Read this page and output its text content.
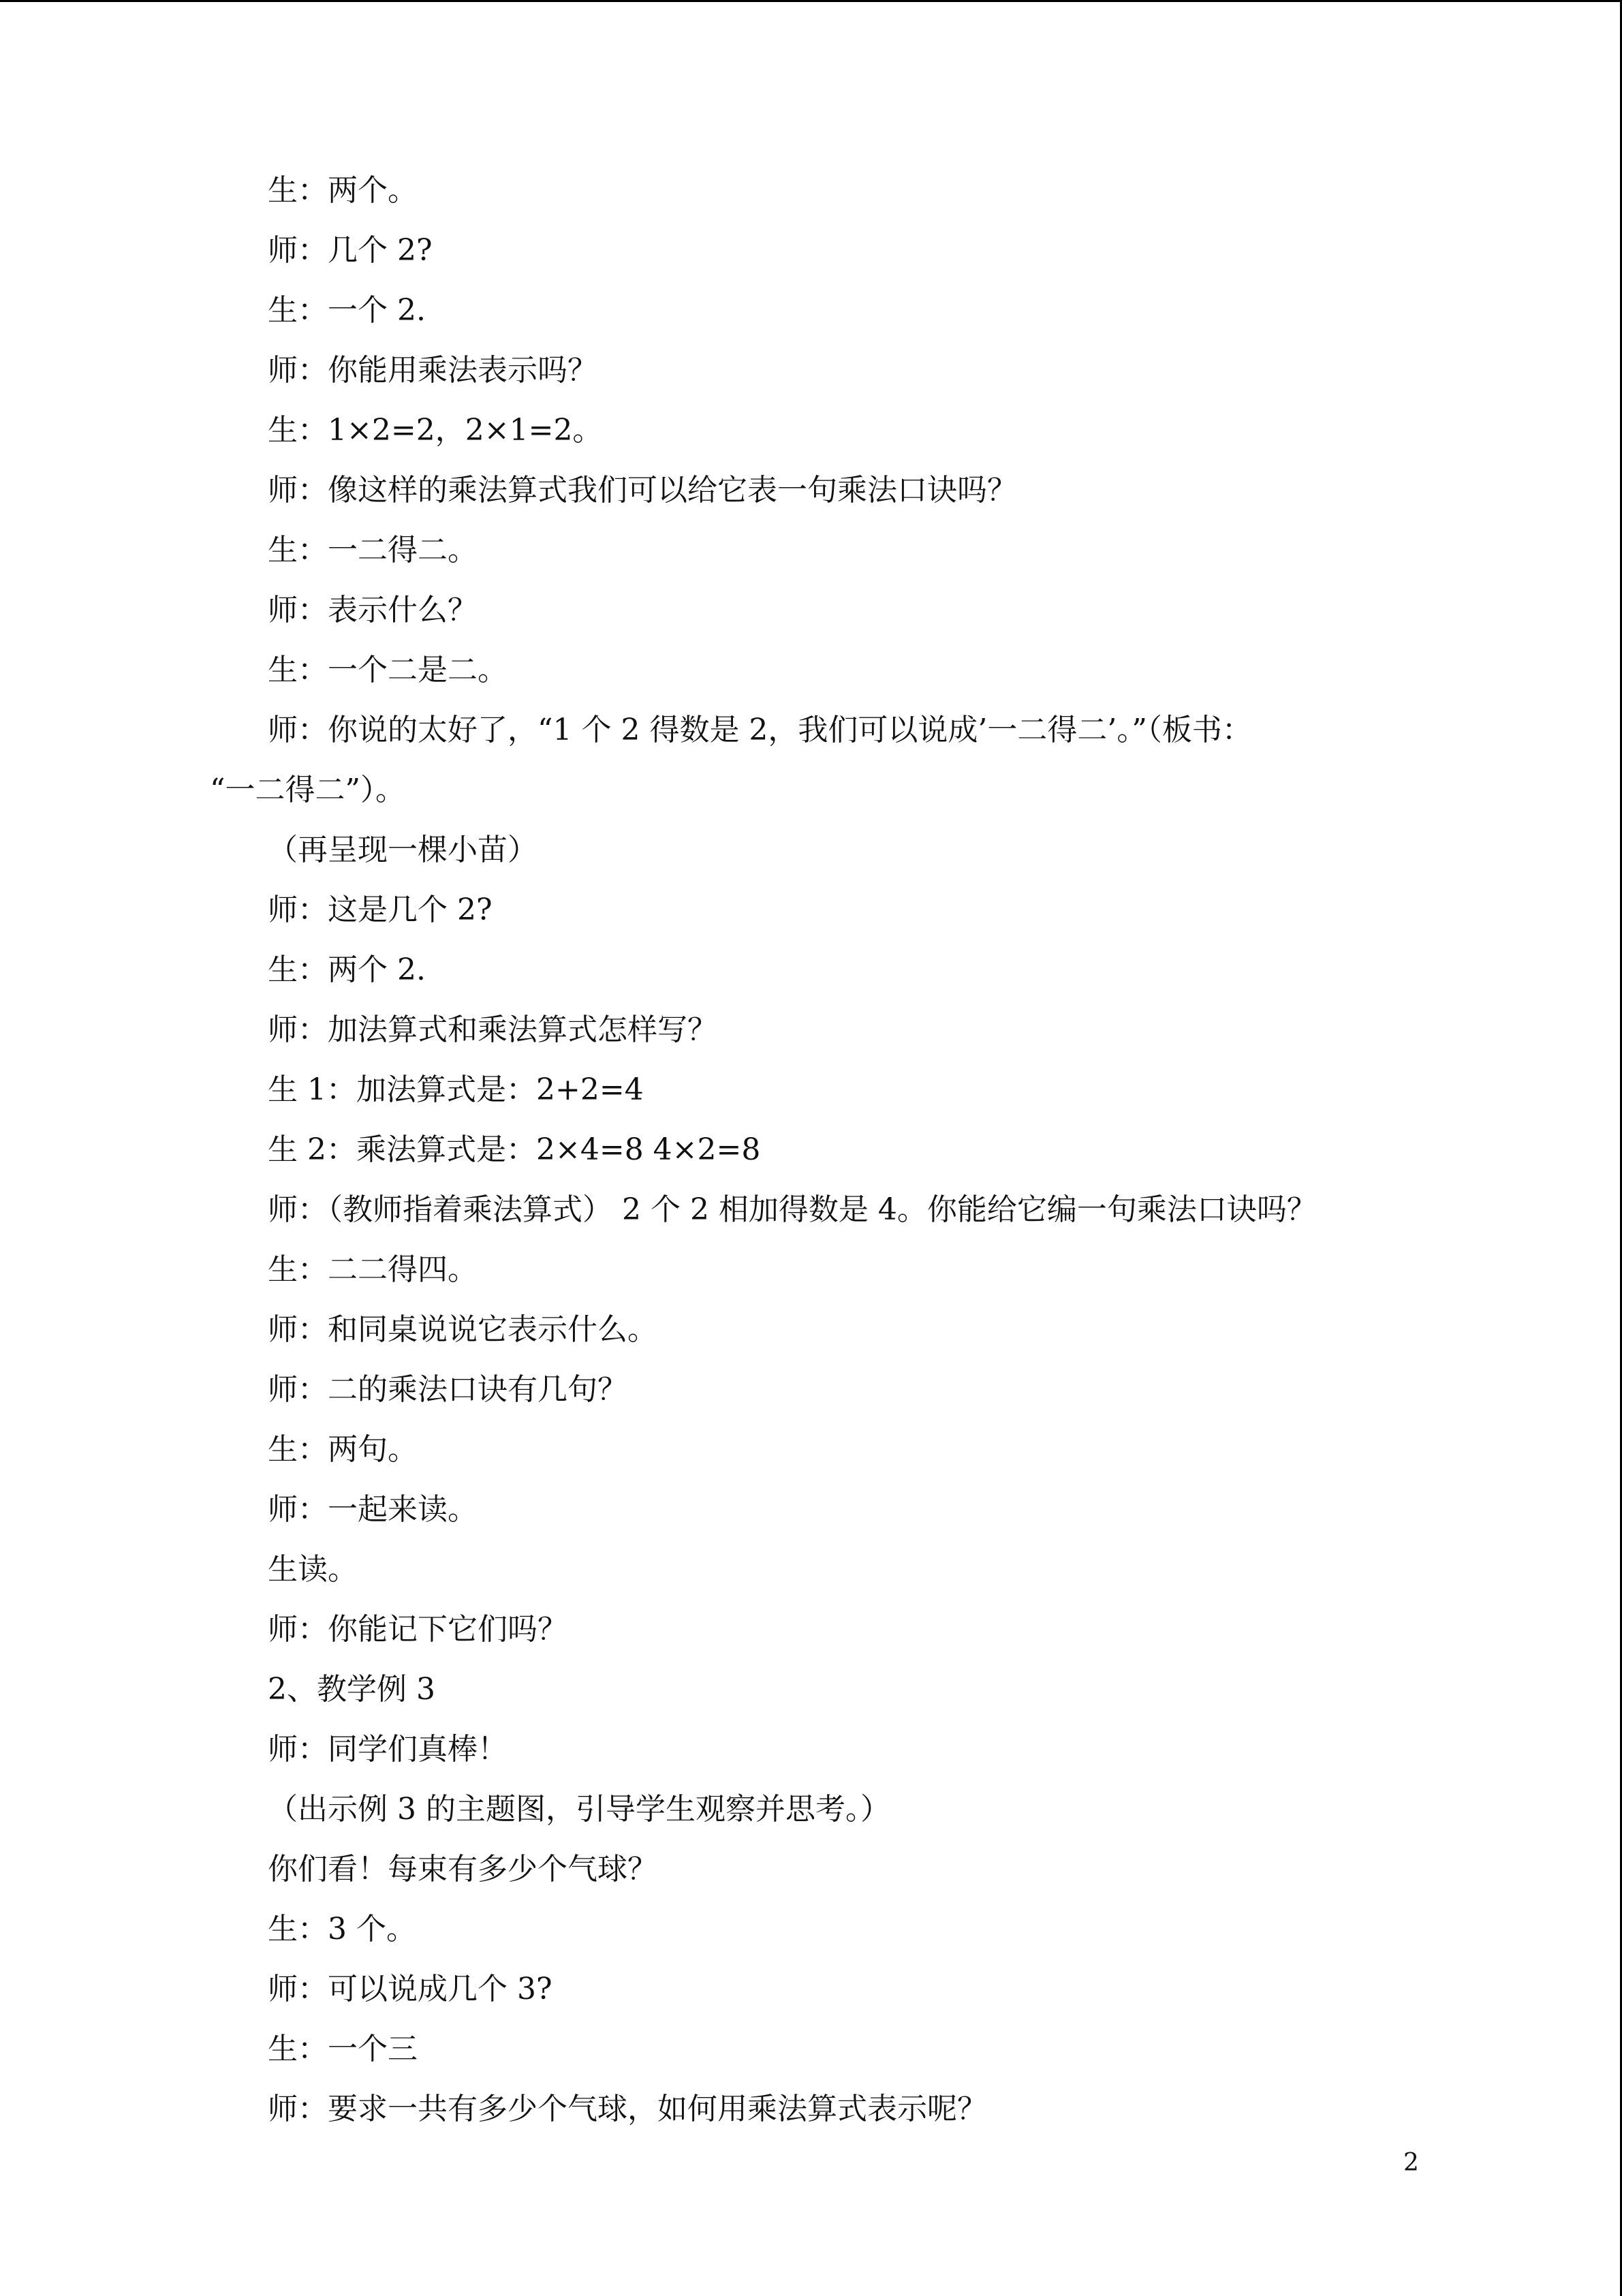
生：两个。
师：几个 2?
生：一个 2.
师：你能用乘法表示吗？
生：1×2=2，2×1=2。
师：像这样的乘法算式我们可以给它表一句乘法口诀吗？
生：一二得二。
师：表示什么？
生：一个二是二。
师：你说的太好了，“1 个 2 得数是 2，我们可以说成’一二得二’。”（板书：
“一二得二”）。
（再呈现一棵小苗）
师：这是几个 2?
生：两个 2.
师：加法算式和乘法算式怎样写？
生 1：加法算式是：2+2=4
生 2：乘法算式是：2×4=8 4×2=8
师：（教师指着乘法算式） 2 个 2 相加得数是 4。你能给它编一句乘法口诀吗？
生：二二得四。
师：和同桌说说它表示什么。
师：二的乘法口诀有几句？
生：两句。
师：一起来读。
生读。
师：你能记下它们吗？
2、教学例 3
师：同学们真棒！
（出示例 3 的主题图，引导学生观察并思考。）
你们看！每束有多少个气球？
生：3 个。
师：可以说成几个 3?
生：一个三
师：要求一共有多少个气球，如何用乘法算式表示呢？
2
